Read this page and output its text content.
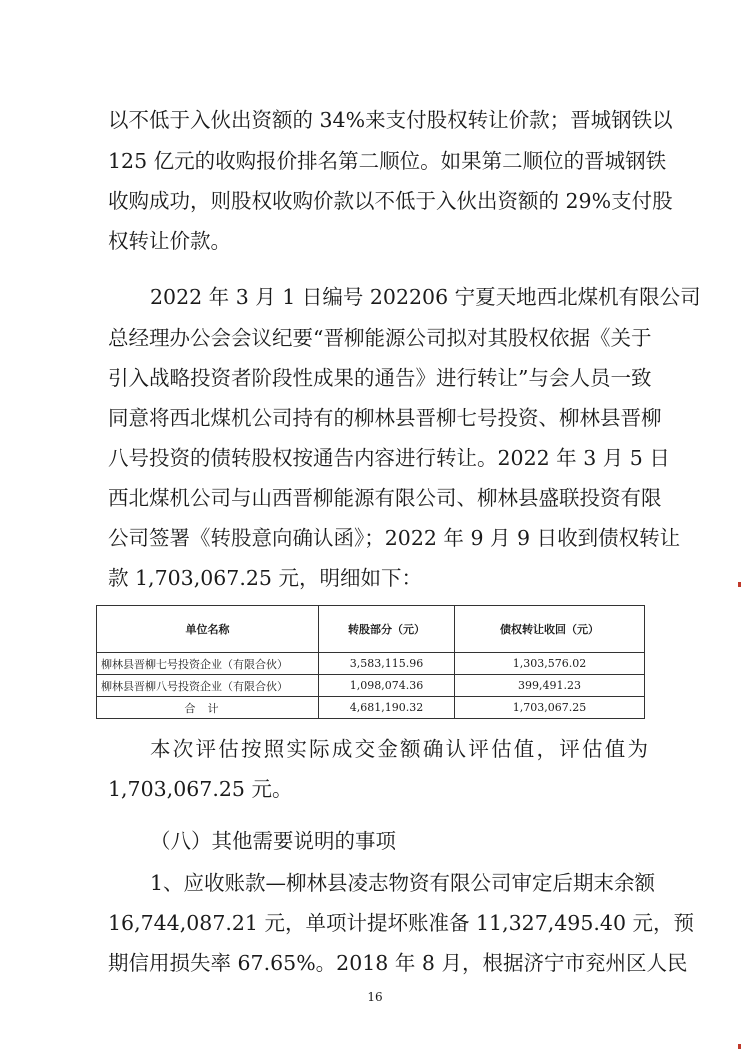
以不低于入伙出资额的 34%来支付股权转让价款；晋城钢铁以
125 亿元的收购报价排名第二顺位。如果第二顺位的晋城钢铁
收购成功，则股权收购价款以不低于入伙出资额的 29%支付股
权转让价款。
2022 年 3 月 1 日编号 202206 宁夏天地西北煤机有限公司
总经理办公会会议纪要“晋柳能源公司拟对其股权依据《关于
引入战略投资者阶段性成果的通告》进行转让”与会人员一致
同意将西北煤机公司持有的柳林县晋柳七号投资、柳林县晋柳
八号投资的债转股权按通告内容进行转让。2022 年 3 月 5 日
西北煤机公司与山西晋柳能源有限公司、柳林县盛联投资有限
公司签署《转股意向确认函》；2022 年 9 月 9 日收到债权转让
款 1,703,067.25 元，明细如下：
单位名称	转股部分（元）	债权转让收回（元）
柳林县晋柳七号投资企业（有限合伙）	3,583,115.96	1,303,576.02
柳林县晋柳八号投资企业（有限合伙）	1,098,074.36	399,491.23
合计	4,681,190.32	1,703,067.25
本次评估按照实际成交金额确认评估值，评估值为
1,703,067.25 元。
（八）其他需要说明的事项
1、应收账款—柳林县凌志物资有限公司审定后期末余额
16,744,087.21 元，单项计提坏账准备 11,327,495.40 元，预
期信用损失率 67.65%。2018 年 8 月，根据济宁市兖州区人民
16
